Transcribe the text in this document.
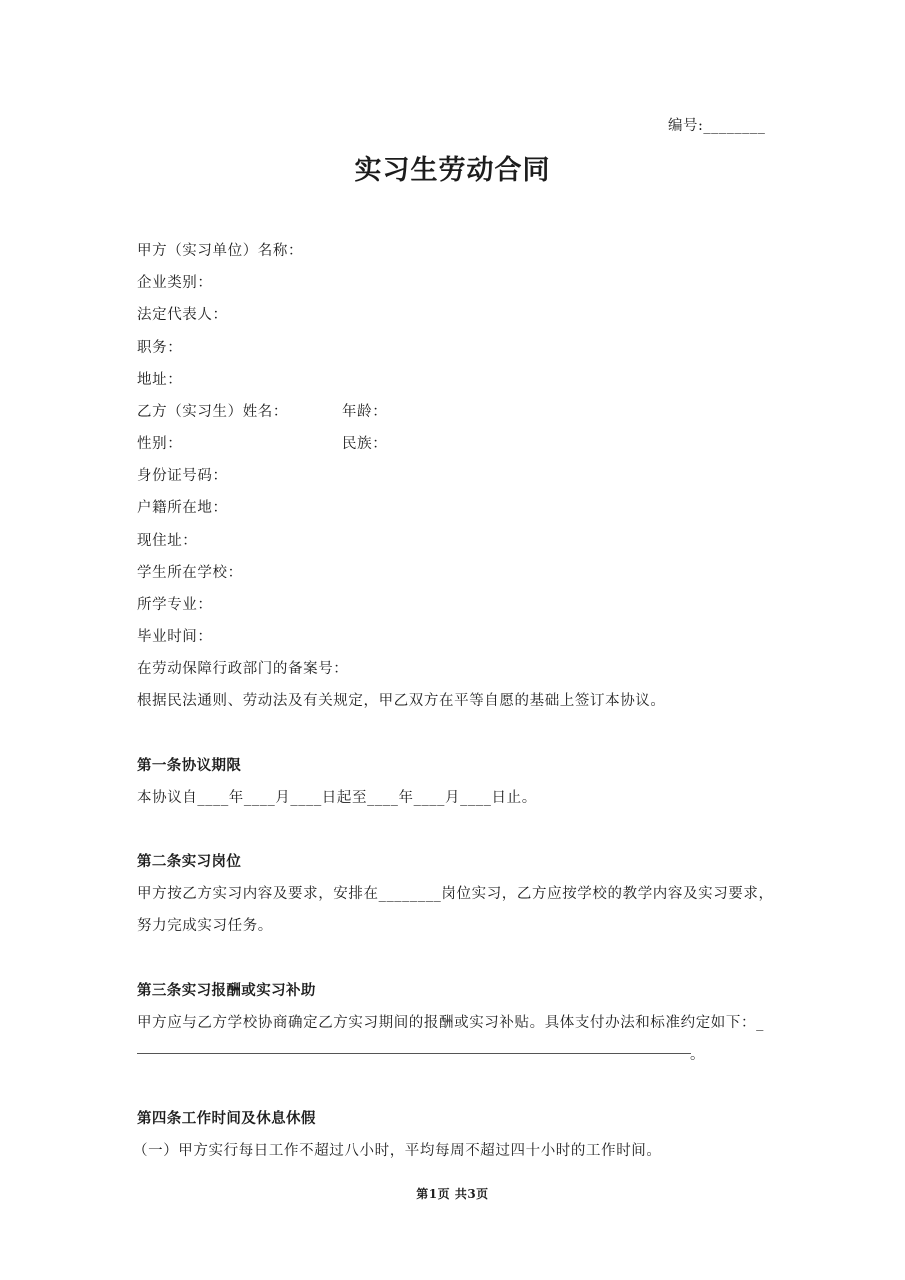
编号:________
实习生劳动合同
甲方（实习单位）名称：
企业类别：
法定代表人：
职务：
地址：
乙方（实习生）姓名：	年龄：
性别：	民族：
身份证号码：
户籍所在地：
现住址：
学生所在学校：
所学专业：
毕业时间：
在劳动保障行政部门的备案号：
根据民法通则、劳动法及有关规定，甲乙双方在平等自愿的基础上签订本协议。
第一条协议期限
本协议自____年____月____日起至____年____月____日止。
第二条实习岗位
甲方按乙方实习内容及要求，安排在________岗位实习，乙方应按学校的教学内容及实习要求，
努力完成实习任务。
第三条实习报酬或实习补助
甲方应与乙方学校协商确定乙方实习期间的报酬或实习补贴。具体支付办法和标准约定如下：_
。
第四条工作时间及休息休假
（一）甲方实行每日工作不超过八小时，平均每周不超过四十小时的工作时间。
第1页 共3页
